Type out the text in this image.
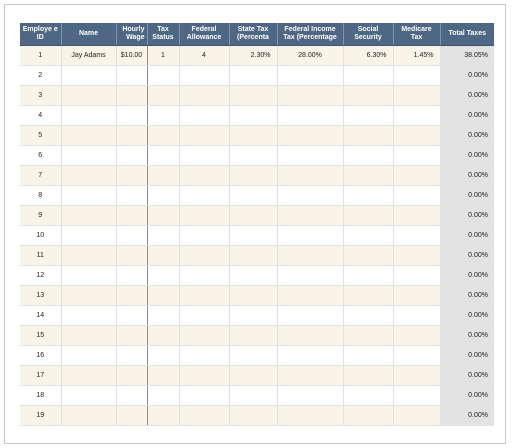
Employe e ID	Name	Hourly Wage	Tax Status	Federal Allowance	State Tax (Percenta	Federal Income Tax (Percentage	Social Security	Medicare Tax	Total Taxes
1	Jay Adams	$10.00	1	4	2.30%	28.00%	6.30%	1.45%	38.05%
2									0.00%
3									0.00%
4									0.00%
5									0.00%
6									0.00%
7									0.00%
8									0.00%
9									0.00%
10									0.00%
11									0.00%
12									0.00%
13									0.00%
14									0.00%
15									0.00%
16									0.00%
17									0.00%
18									0.00%
19									0.00%
